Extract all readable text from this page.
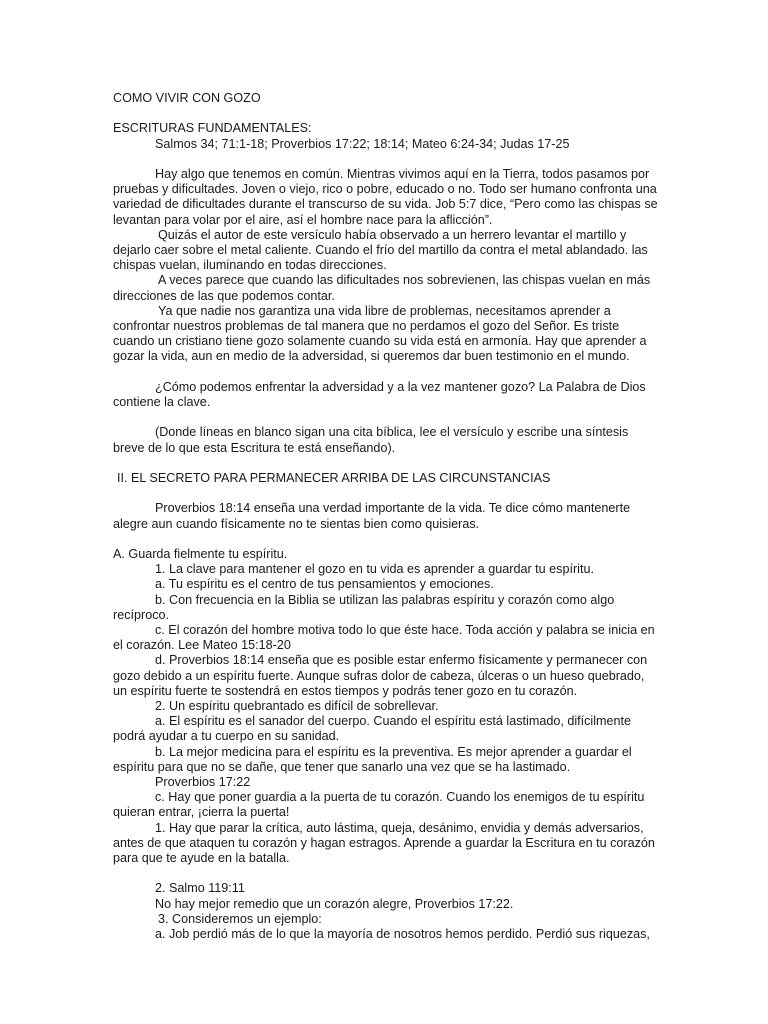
COMO VIVIR CON GOZO

ESCRITURAS FUNDAMENTALES:

Salmos 34; 71:1-18; Proverbios 17:22; 18:14; Mateo 6:24-34; Judas 17-25

Hay algo que tenemos en común. Mientras vivimos aquí en la Tierra, todos pasamos por pruebas y dificultades. Joven o viejo, rico o pobre, educado o no. Todo ser humano confronta una variedad de dificultades durante el transcurso de su vida. Job 5:7 dice, “Pero como las chispas se levantan para volar por el aire, así el hombre nace para la aflicción”.

Quizás el autor de este versículo había observado a un herrero levantar el martillo y dejarlo caer sobre el metal caliente. Cuando el frío del martillo da contra el metal ablandado. las chispas vuelan, iluminando en todas direcciones.

A veces parece que cuando las dificultades nos sobrevienen, las chispas vuelan en más direcciones de las que podemos contar.

Ya que nadie nos garantiza una vida libre de problemas, necesitamos aprender a confrontar nuestros problemas de tal manera que no perdamos el gozo del Señor. Es triste cuando un cristiano tiene gozo solamente cuando su vida está en armonía. Hay que aprender a gozar la vida, aun en medio de la adversidad, si queremos dar buen testimonio en el mundo.

¿Cómo podemos enfrentar la adversidad y a la vez mantener gozo? La Palabra de Dios contiene la clave.

(Donde líneas en blanco sigan una cita bíblica, lee el versículo y escribe una síntesis breve de lo que esta Escritura te está enseñando).

II. EL SECRETO PARA PERMANECER ARRIBA DE LAS CIRCUNSTANCIAS

Proverbios 18:14 enseña una verdad importante de la vida. Te dice cómo mantenerte alegre aun cuando físicamente no te sientas bien como quisieras.

A. Guarda fielmente tu espíritu.

1. La clave para mantener el gozo en tu vida es aprender a guardar tu espíritu.

a. Tu espíritu es el centro de tus pensamientos y emociones.

b. Con frecuencia en la Biblia se utilizan las palabras espíritu y corazón como algo recíproco.

c. El corazón del hombre motiva todo lo que éste hace. Toda acción y palabra se inicia en el corazón. Lee Mateo 15:18-20

d. Proverbios 18:14 enseña que es posible estar enfermo físicamente y permanecer con gozo debido a un espíritu fuerte. Aunque sufras dolor de cabeza, úlceras o un hueso quebrado, un espíritu fuerte te sostendrá en estos tiempos y podrás tener gozo en tu corazón.

2. Un espíritu quebrantado es difícil de sobrellevar.

a. El espíritu es el sanador del cuerpo. Cuando el espíritu está lastimado, difícilmente podrá ayudar a tu cuerpo en su sanidad.

b. La mejor medicina para el espíritu es la preventiva. Es mejor aprender a guardar el espíritu para que no se dañe, que tener que sanarlo una vez que se ha lastimado.

Proverbios 17:22

c. Hay que poner guardia a la puerta de tu corazón. Cuando los enemigos de tu espíritu quieran entrar, ¡cierra la puerta!

1. Hay que parar la crítica, auto lástima, queja, desánimo, envidia y demás adversarios, antes de que ataquen tu corazón y hagan estragos. Aprende a guardar la Escritura en tu corazón para que te ayude en la batalla.

2. Salmo 119:11

No hay mejor remedio que un corazón alegre, Proverbios 17:22.

3. Consideremos un ejemplo:

a. Job perdió más de lo que la mayoría de nosotros hemos perdido. Perdió sus riquezas,
